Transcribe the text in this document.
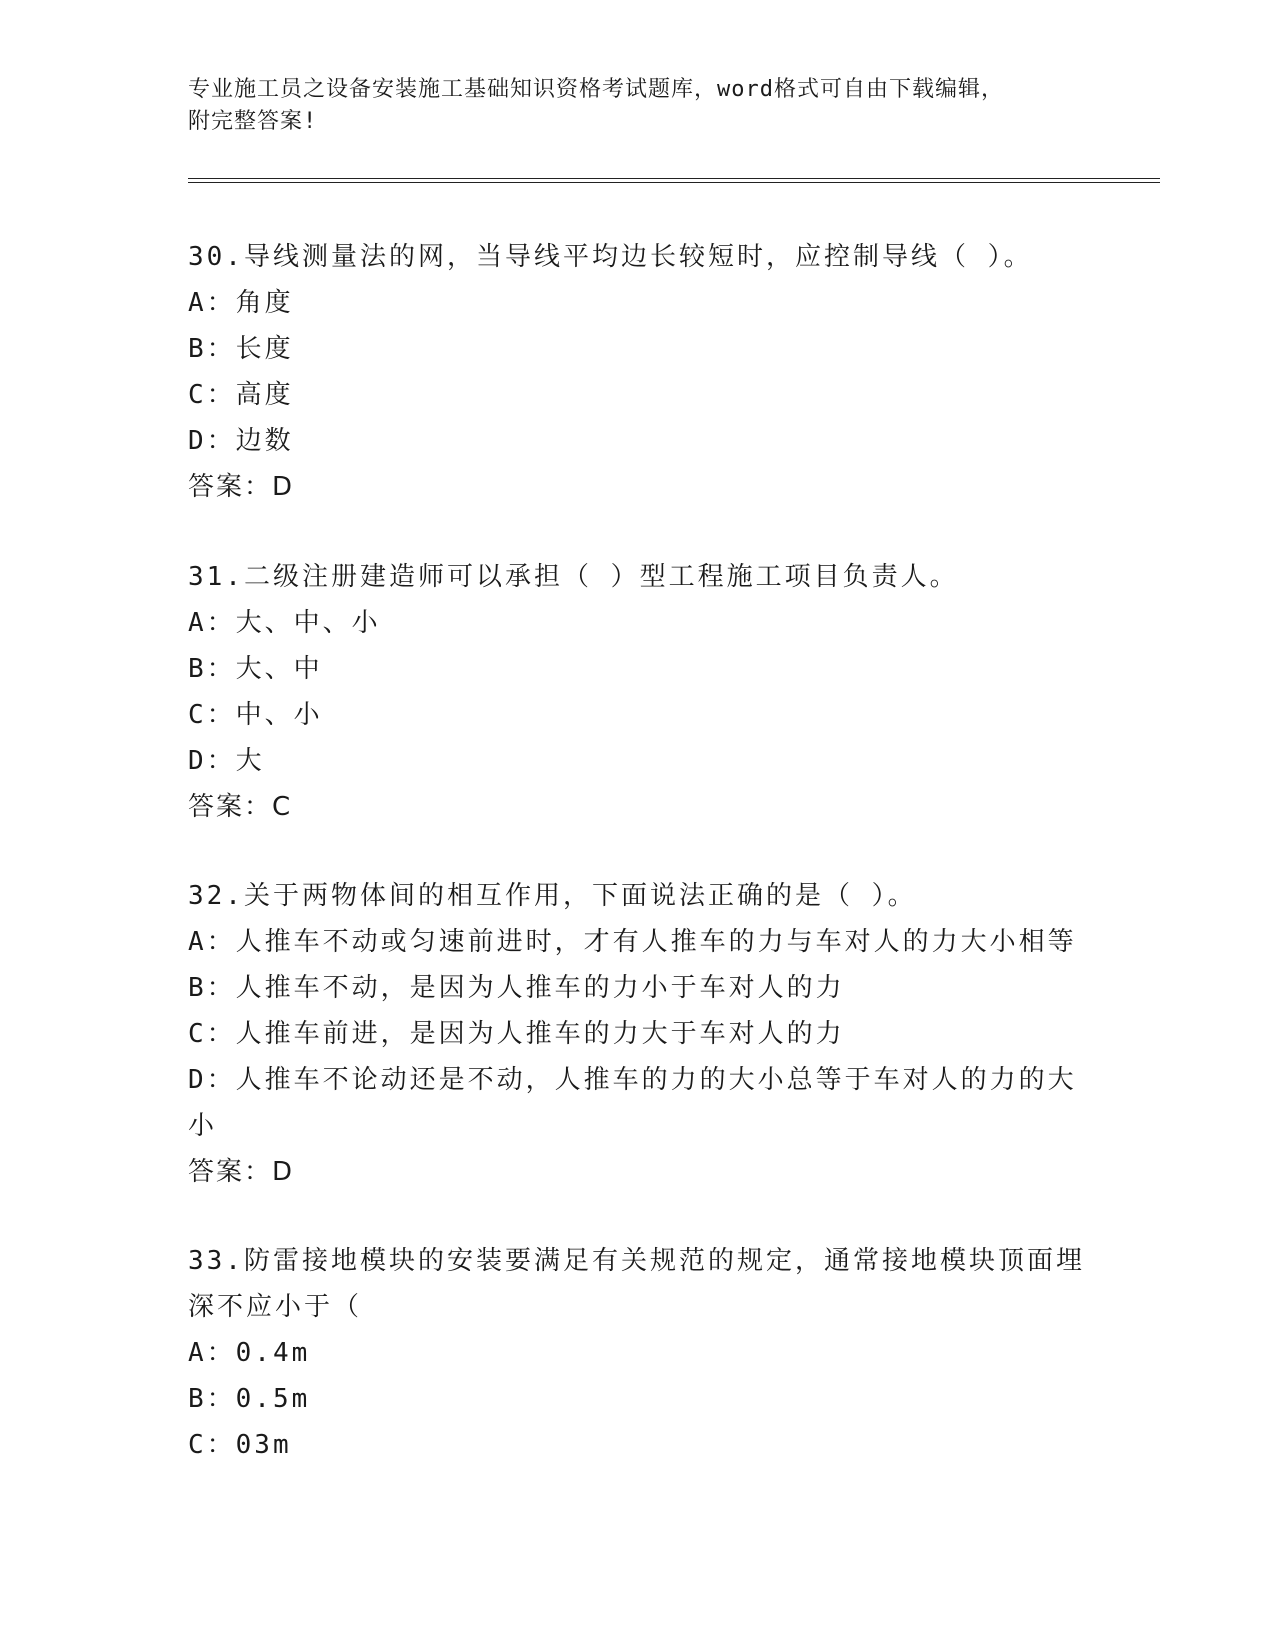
专业施工员之设备安装施工基础知识资格考试题库，word格式可自由下载编辑，
附完整答案!
30.导线测量法的网，当导线平均边长较短时，应控制导线（ ）。
A：角度
B：长度
C：高度
D：边数
答案：D
31.二级注册建造师可以承担（ ）型工程施工项目负责人。
A：大、中、小
B：大、中
C：中、小
D：大
答案：C
32.关于两物体间的相互作用，下面说法正确的是（ ）。
A：人推车不动或匀速前进时，才有人推车的力与车对人的力大小相等
B：人推车不动，是因为人推车的力小于车对人的力
C：人推车前进，是因为人推车的力大于车对人的力
D：人推车不论动还是不动，人推车的力的大小总等于车对人的力的大小
答案：D
33.防雷接地模块的安装要满足有关规范的规定，通常接地模块顶面埋深不应小于（
A：0.4m
B：0.5m
C：03m
